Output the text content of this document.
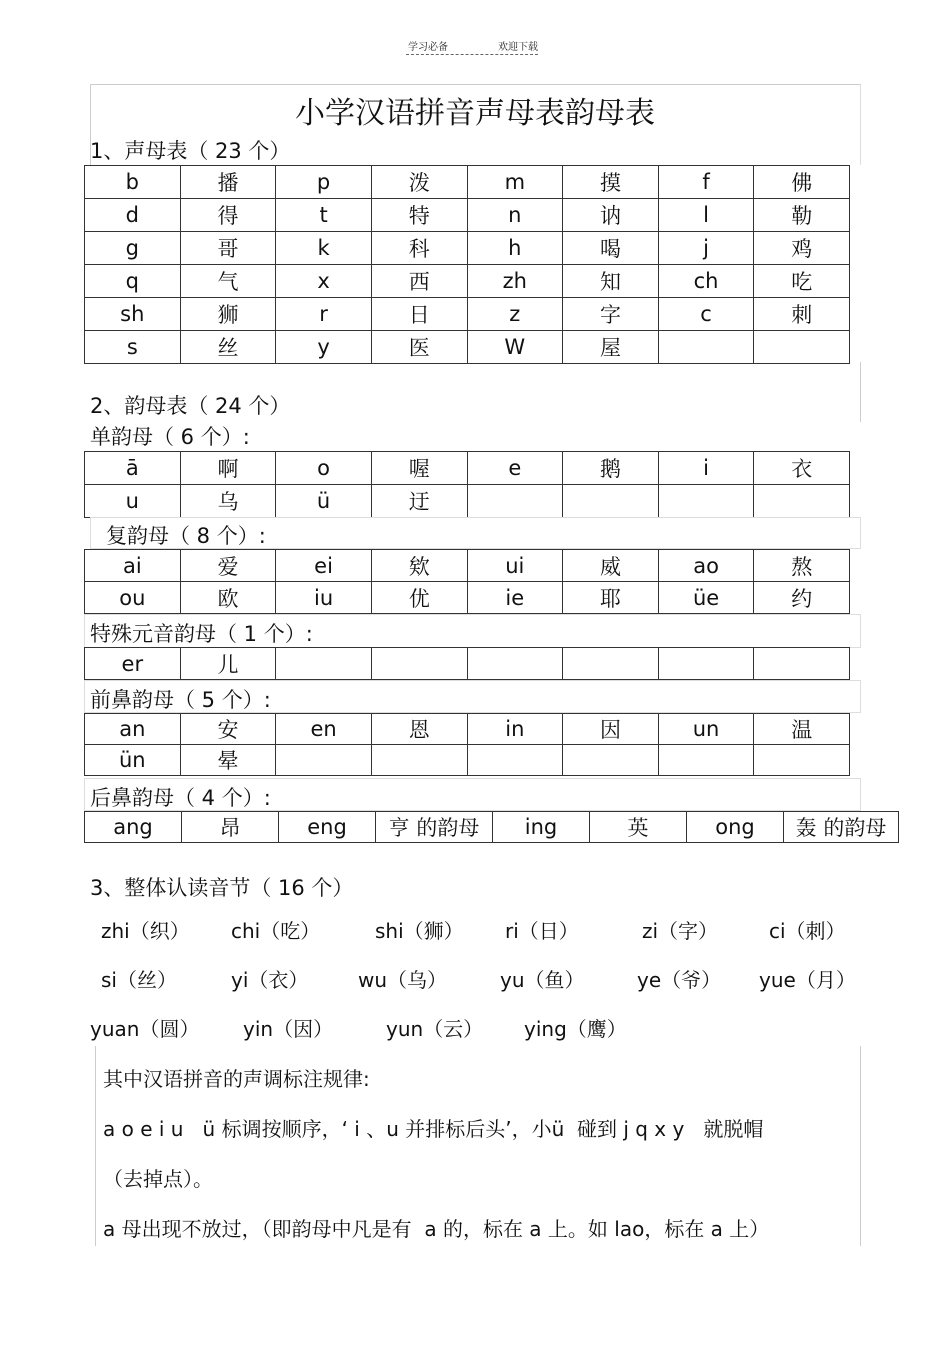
学习必备	欢迎下载
小学汉语拼音声母表韵母表
1、声母表（ 23 个）
b	播	p	泼	m	摸	f	佛
d	得	t	特	n	讷	l	勒
g	哥	k	科	h	喝	j	鸡
q	气	x	西	zh	知	ch	吃
sh	狮	r	日	z	字	c	刺
s	丝	y	医	W	屋		
2、韵母表（ 24 个）
单韵母（ 6 个）:
ā	啊	o	喔	e	鹅	i	衣
u	乌	ü	迂				
复韵母（ 8 个）:
ai	爱	ei	欸	ui	威	ao	熬
ou	欧	iu	优	ie	耶	üe	约
特殊元音韵母（ 1 个）:
er	儿						
前鼻韵母（ 5 个）:
an	安	en	恩	in	因	un	温
ün	晕						
后鼻韵母（ 4 个）:
ang	昂	eng	亨 的韵母	ing	英	ong	轰 的韵母
3、整体认读音节（ 16 个）
zhi（织） chi（吃）	shi（狮） ri（日）	zi（字）	ci（刺）
si（丝）	yi（衣） wu（乌）	yu（鱼）	ye（爷） yue（月）
yuan（圆） yin（因）	yun（云） ying（鹰）
其中汉语拼音的声调标注规律:
a o e i u   ü 标调按顺序，‘ i 、u 并排标后头’，小ü  碰到 j q x y   就脱帽
（去掉点）。
a 母出现不放过，（即韵母中凡是有  a 的，标在 a 上。如 lao，标在 a 上）
